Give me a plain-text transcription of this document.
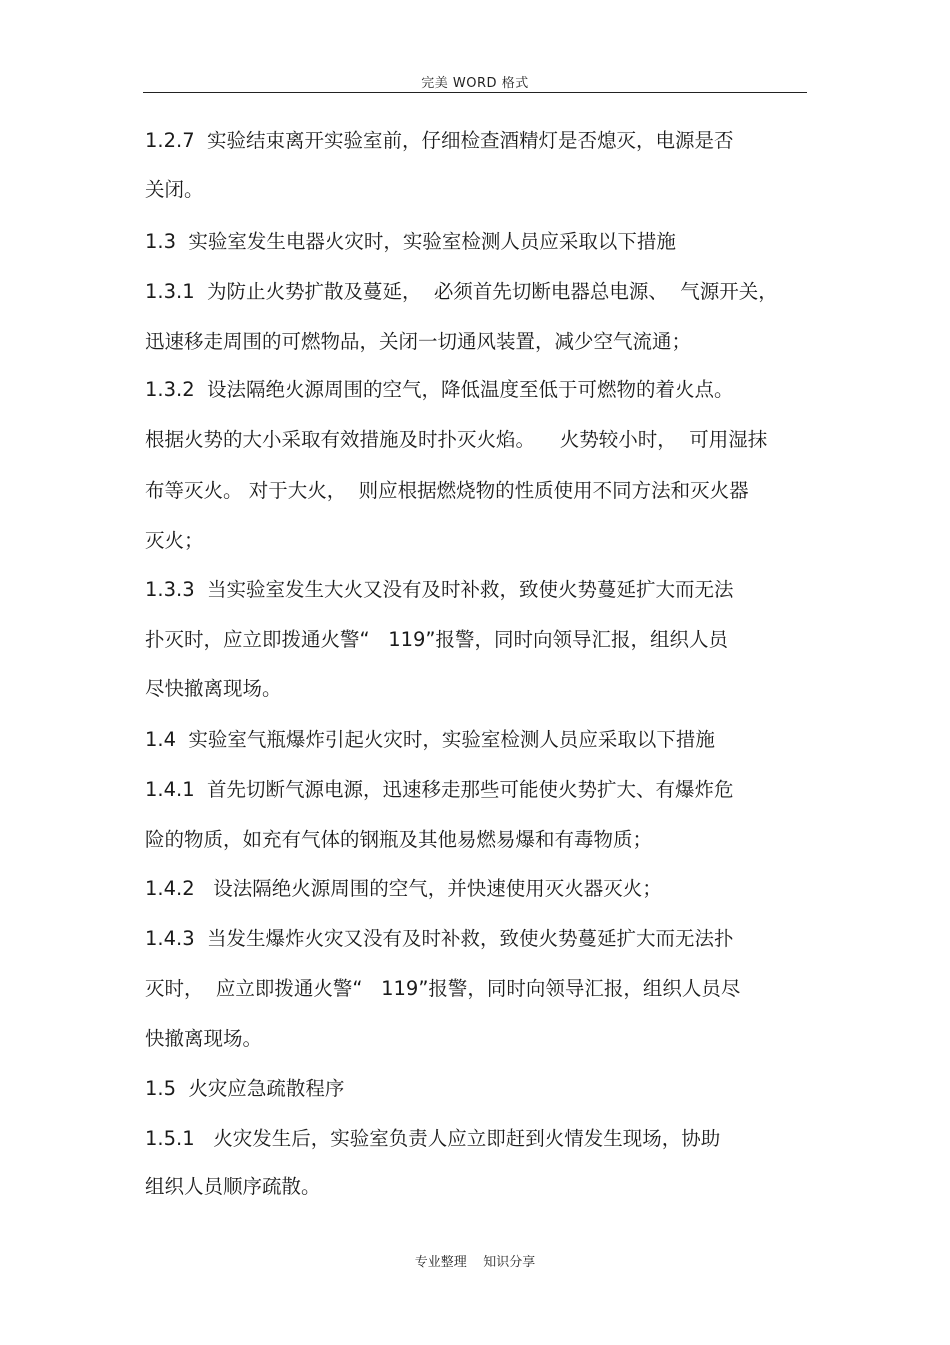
完美 WORD 格式
1.2.7  实验结束离开实验室前，仔细检查酒精灯是否熄灭，电源是否
关闭。
1.3  实验室发生电器火灾时，实验室检测人员应采取以下措施
1.3.1  为防止火势扩散及蔓延，  必须首先切断电器总电源、  气源开关，
迅速移走周围的可燃物品，关闭一切通风装置，减少空气流通；
1.3.2  设法隔绝火源周围的空气，降低温度至低于可燃物的着火点。
根据火势的大小采取有效措施及时扑灭火焰。    火势较小时，  可用湿抹
布等灭火。 对于大火，  则应根据燃烧物的性质使用不同方法和灭火器
灭火；
1.3.3  当实验室发生大火又没有及时补救，致使火势蔓延扩大而无法
扑灭时，应立即拨通火警“   119”报警，同时向领导汇报，组织人员
尽快撤离现场。
1.4  实验室气瓶爆炸引起火灾时，实验室检测人员应采取以下措施
1.4.1  首先切断气源电源，迅速移走那些可能使火势扩大、有爆炸危
险的物质，如充有气体的钢瓶及其他易燃易爆和有毒物质；
1.4.2   设法隔绝火源周围的空气，并快速使用灭火器灭火；
1.4.3  当发生爆炸火灾又没有及时补救，致使火势蔓延扩大而无法扑
灭时，  应立即拨通火警“   119”报警，同时向领导汇报，组织人员尽
快撤离现场。
1.5  火灾应急疏散程序
1.5.1   火灾发生后，实验室负责人应立即赶到火情发生现场，协助
组织人员顺序疏散。
专业整理    知识分享
